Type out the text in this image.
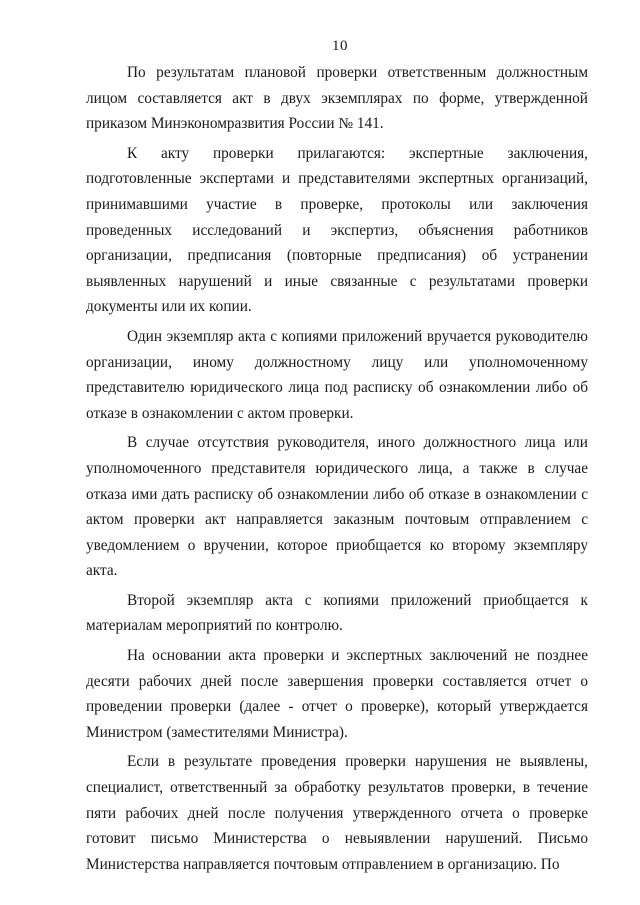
10

По результатам плановой проверки ответственным должностным лицом составляется акт в двух экземплярах по форме, утвержденной приказом Минэкономразвития России № 141.

К акту проверки прилагаются: экспертные заключения, подготовленные экспертами и представителями экспертных организаций, принимавшими участие в проверке, протоколы или заключения проведенных исследований и экспертиз, объяснения работников организации, предписания (повторные предписания) об устранении выявленных нарушений и иные связанные с результатами проверки документы или их копии.

Один экземпляр акта с копиями приложений вручается руководителю организации, иному должностному лицу или уполномоченному представителю юридического лица под расписку об ознакомлении либо об отказе в ознакомлении с актом проверки.

В случае отсутствия руководителя, иного должностного лица или уполномоченного представителя юридического лица, а также в случае отказа ими дать расписку об ознакомлении либо об отказе в ознакомлении с актом проверки акт направляется заказным почтовым отправлением с уведомлением о вручении, которое приобщается ко второму экземпляру акта.

Второй экземпляр акта с копиями приложений приобщается к материалам мероприятий по контролю.

На основании акта проверки и экспертных заключений не позднее десяти рабочих дней после завершения проверки составляется отчет о проведении проверки (далее - отчет о проверке), который утверждается Министром (заместителями Министра).

Если в результате проведения проверки нарушения не выявлены, специалист, ответственный за обработку результатов проверки, в течение пяти рабочих дней после получения утвержденного отчета о проверке готовит письмо Министерства о невыявлении нарушений. Письмо Министерства направляется почтовым отправлением в организацию. По
